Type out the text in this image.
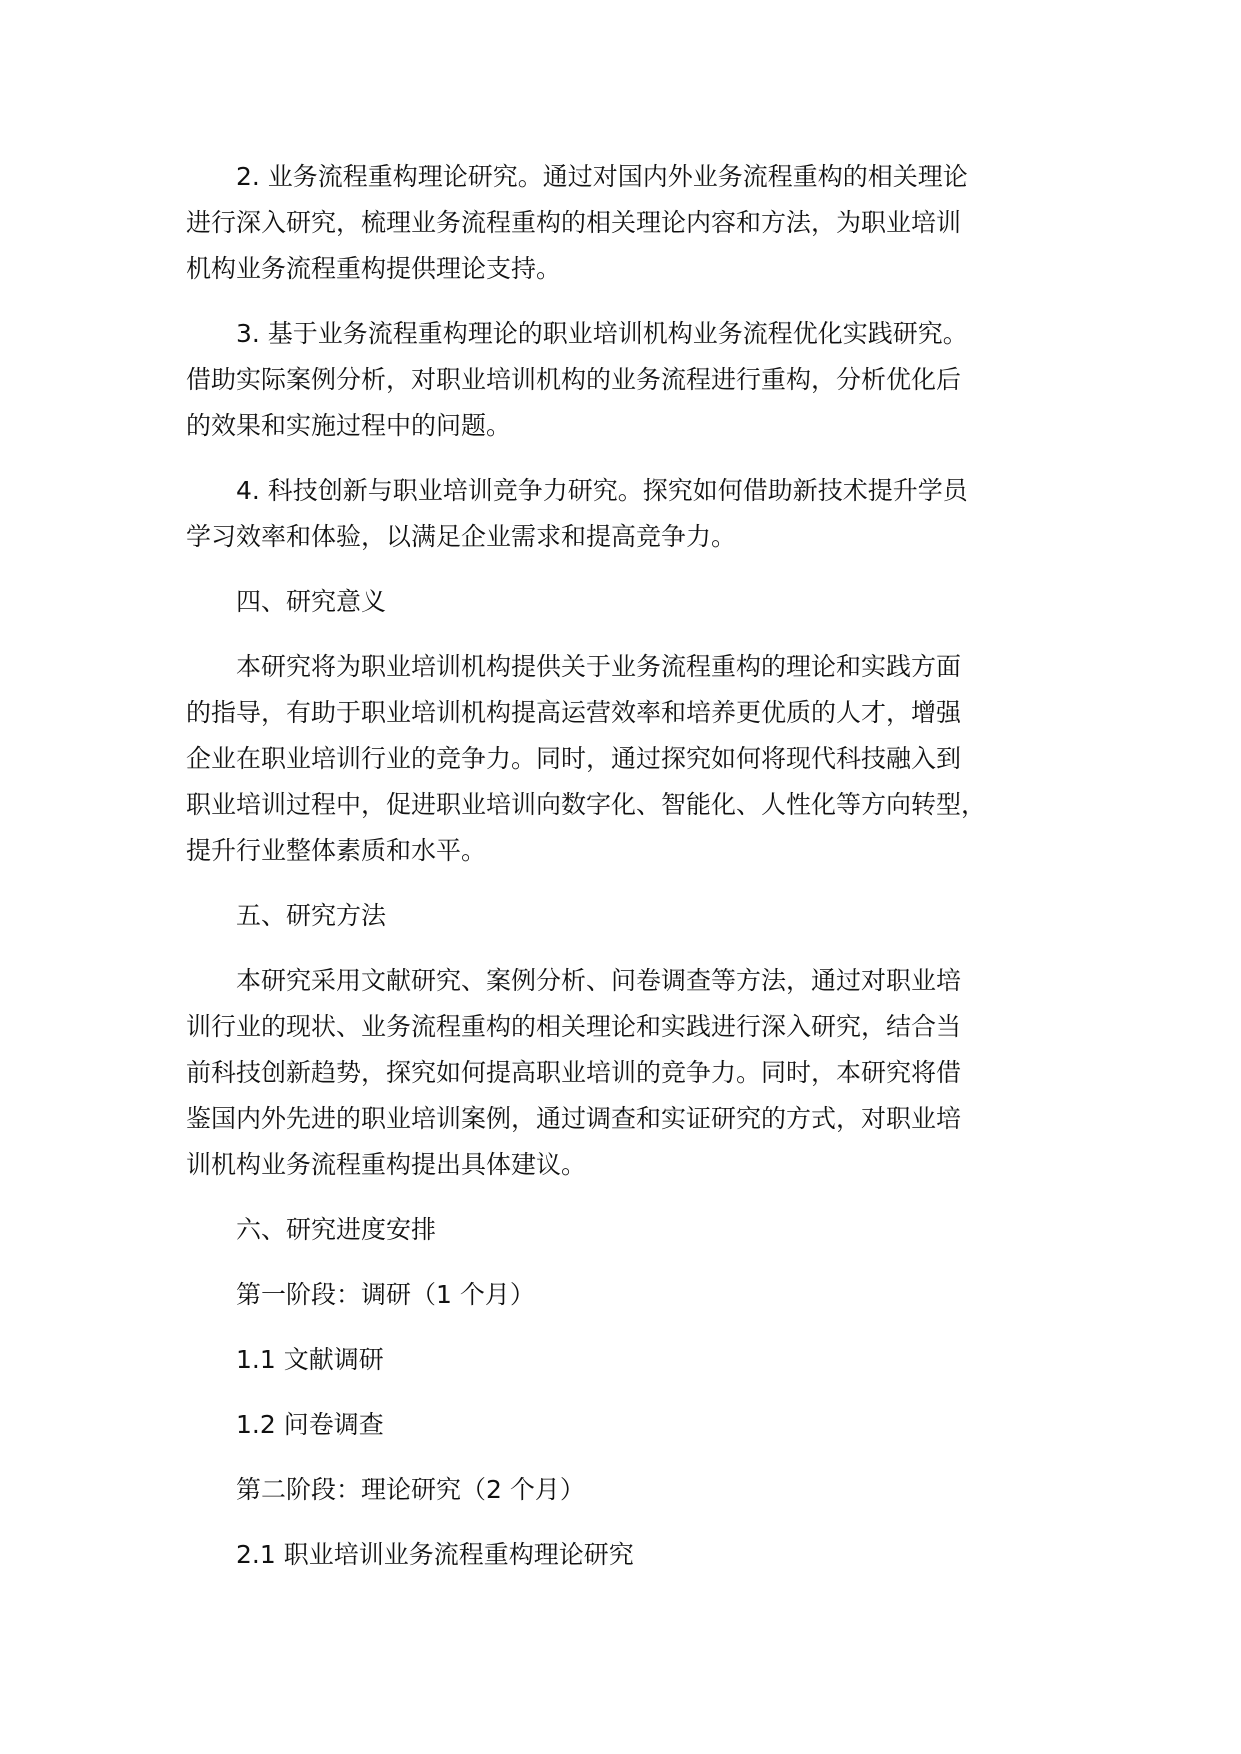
2. 业务流程重构理论研究。通过对国内外业务流程重构的相关理论
进行深入研究，梳理业务流程重构的相关理论内容和方法，为职业培训
机构业务流程重构提供理论支持。

3. 基于业务流程重构理论的职业培训机构业务流程优化实践研究。
借助实际案例分析，对职业培训机构的业务流程进行重构，分析优化后
的效果和实施过程中的问题。

4. 科技创新与职业培训竞争力研究。探究如何借助新技术提升学员
学习效率和体验，以满足企业需求和提高竞争力。

四、研究意义

本研究将为职业培训机构提供关于业务流程重构的理论和实践方面
的指导，有助于职业培训机构提高运营效率和培养更优质的人才，增强
企业在职业培训行业的竞争力。同时，通过探究如何将现代科技融入到
职业培训过程中，促进职业培训向数字化、智能化、人性化等方向转型，
提升行业整体素质和水平。

五、研究方法

本研究采用文献研究、案例分析、问卷调查等方法，通过对职业培
训行业的现状、业务流程重构的相关理论和实践进行深入研究，结合当
前科技创新趋势，探究如何提高职业培训的竞争力。同时，本研究将借
鉴国内外先进的职业培训案例，通过调查和实证研究的方式，对职业培
训机构业务流程重构提出具体建议。

六、研究进度安排

第一阶段：调研（1 个月）

1.1 文献调研

1.2 问卷调查

第二阶段：理论研究（2 个月）

2.1 职业培训业务流程重构理论研究
